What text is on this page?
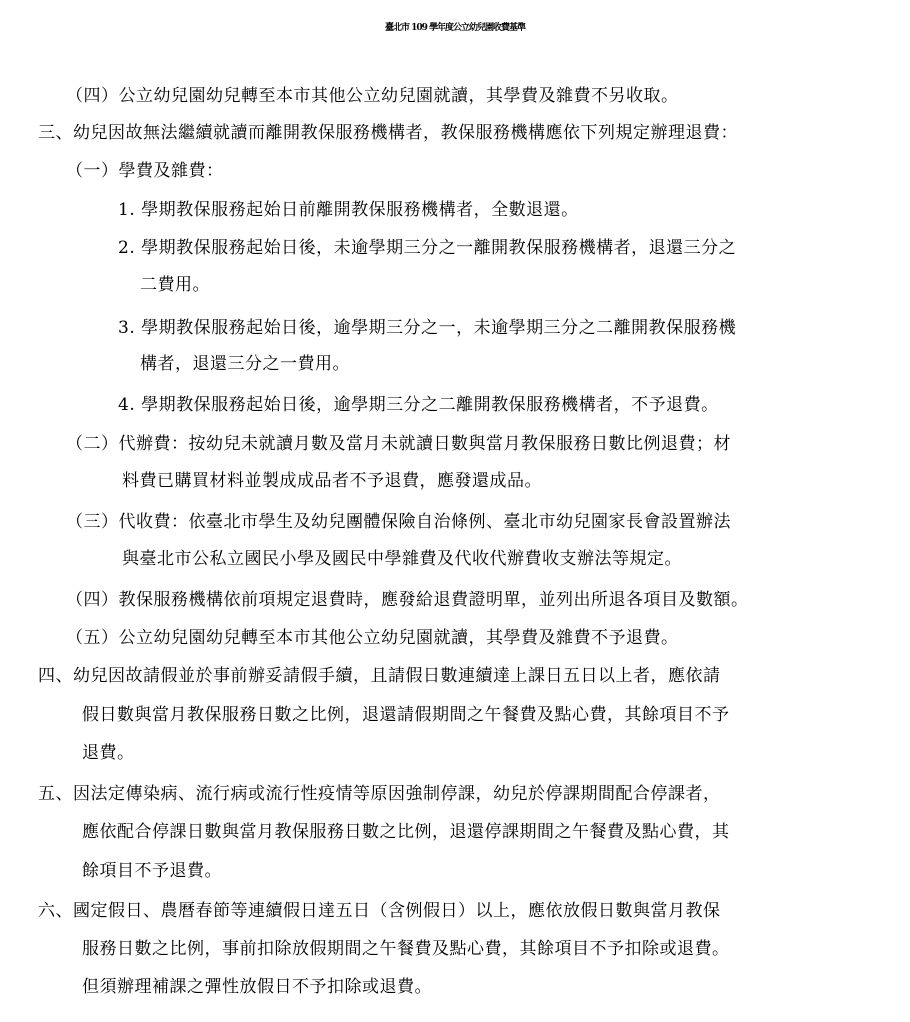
臺北市 109 學年度公立幼兒園收費基準
（四）公立幼兒園幼兒轉至本市其他公立幼兒園就讀，其學費及雜費不另收取。
三、幼兒因故無法繼續就讀而離開教保服務機構者，教保服務機構應依下列規定辦理退費：
（一）學費及雜費：
1. 學期教保服務起始日前離開教保服務機構者，全數退還。
2. 學期教保服務起始日後，未逾學期三分之一離開教保服務機構者，退還三分之
二費用。
3. 學期教保服務起始日後，逾學期三分之一，未逾學期三分之二離開教保服務機
構者，退還三分之一費用。
4. 學期教保服務起始日後，逾學期三分之二離開教保服務機構者，不予退費。
（二）代辦費：按幼兒未就讀月數及當月未就讀日數與當月教保服務日數比例退費；材
料費已購買材料並製成成品者不予退費，應發還成品。
（三）代收費：依臺北市學生及幼兒團體保險自治條例、臺北市幼兒園家長會設置辦法
與臺北市公私立國民小學及國民中學雜費及代收代辦費收支辦法等規定。
（四）教保服務機構依前項規定退費時，應發給退費證明單，並列出所退各項目及數額。
（五）公立幼兒園幼兒轉至本市其他公立幼兒園就讀，其學費及雜費不予退費。
四、幼兒因故請假並於事前辦妥請假手續，且請假日數連續達上課日五日以上者，應依請
假日數與當月教保服務日數之比例，退還請假期間之午餐費及點心費，其餘項目不予
退費。
五、因法定傳染病、流行病或流行性疫情等原因強制停課，幼兒於停課期間配合停課者，
應依配合停課日數與當月教保服務日數之比例，退還停課期間之午餐費及點心費，其
餘項目不予退費。
六、國定假日、農曆春節等連續假日達五日（含例假日）以上，應依放假日數與當月教保
服務日數之比例，事前扣除放假期間之午餐費及點心費，其餘項目不予扣除或退費。
但須辦理補課之彈性放假日不予扣除或退費。
